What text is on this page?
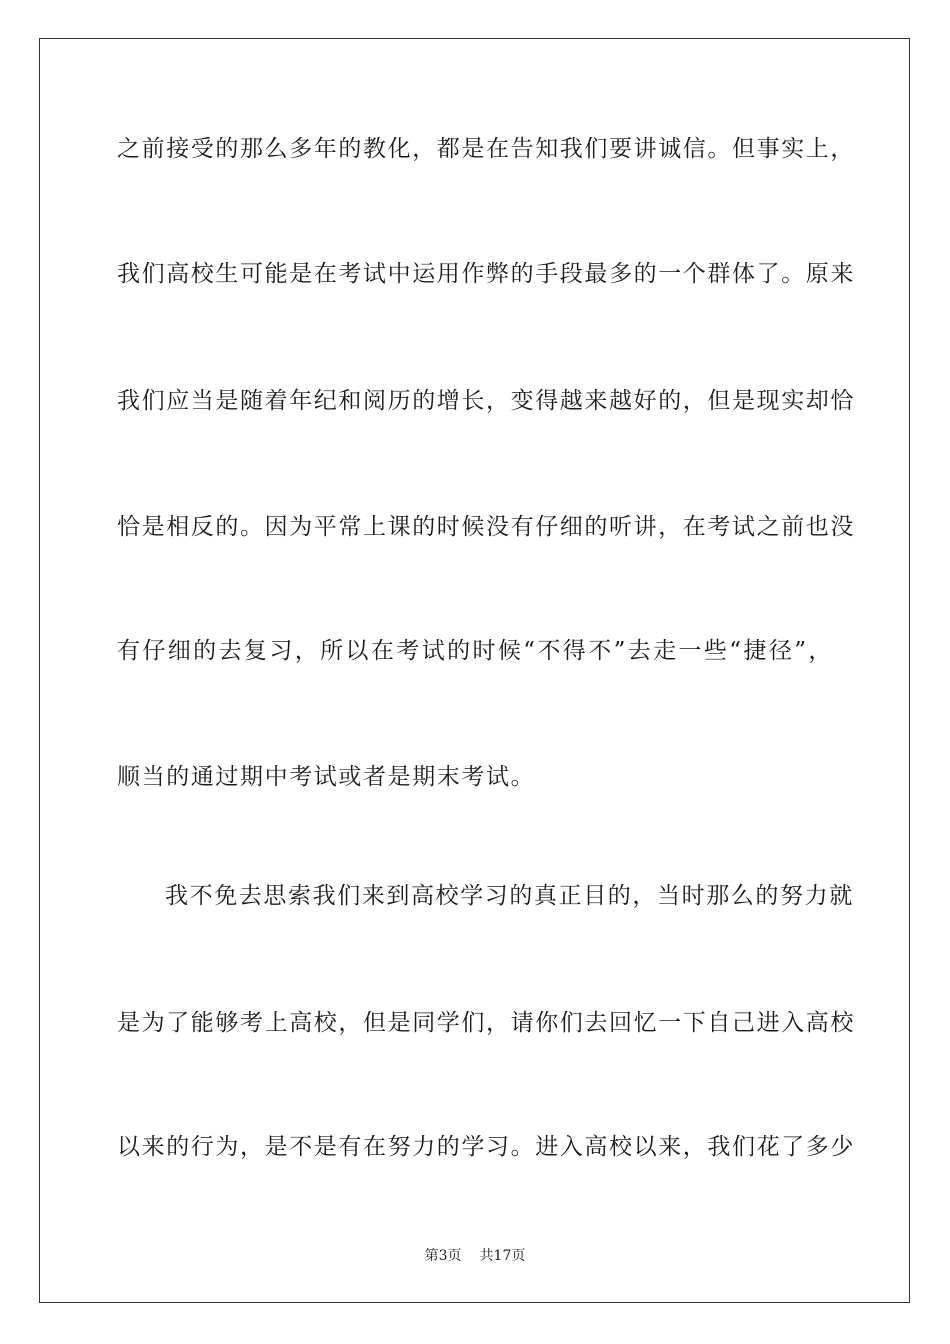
之前接受的那么多年的教化，都是在告知我们要讲诚信。但事实上，
我们高校生可能是在考试中运用作弊的手段最多的一个群体了。原来
我们应当是随着年纪和阅历的增长，变得越来越好的，但是现实却恰
恰是相反的。因为平常上课的时候没有仔细的听讲，在考试之前也没
有仔细的去复习，所以在考试的时候“不得不”去走一些“捷径”，
顺当的通过期中考试或者是期末考试。
我不免去思索我们来到高校学习的真正目的，当时那么的努力就
是为了能够考上高校，但是同学们，请你们去回忆一下自己进入高校
以来的行为，是不是有在努力的学习。进入高校以来，我们花了多少
第3页 共17页
